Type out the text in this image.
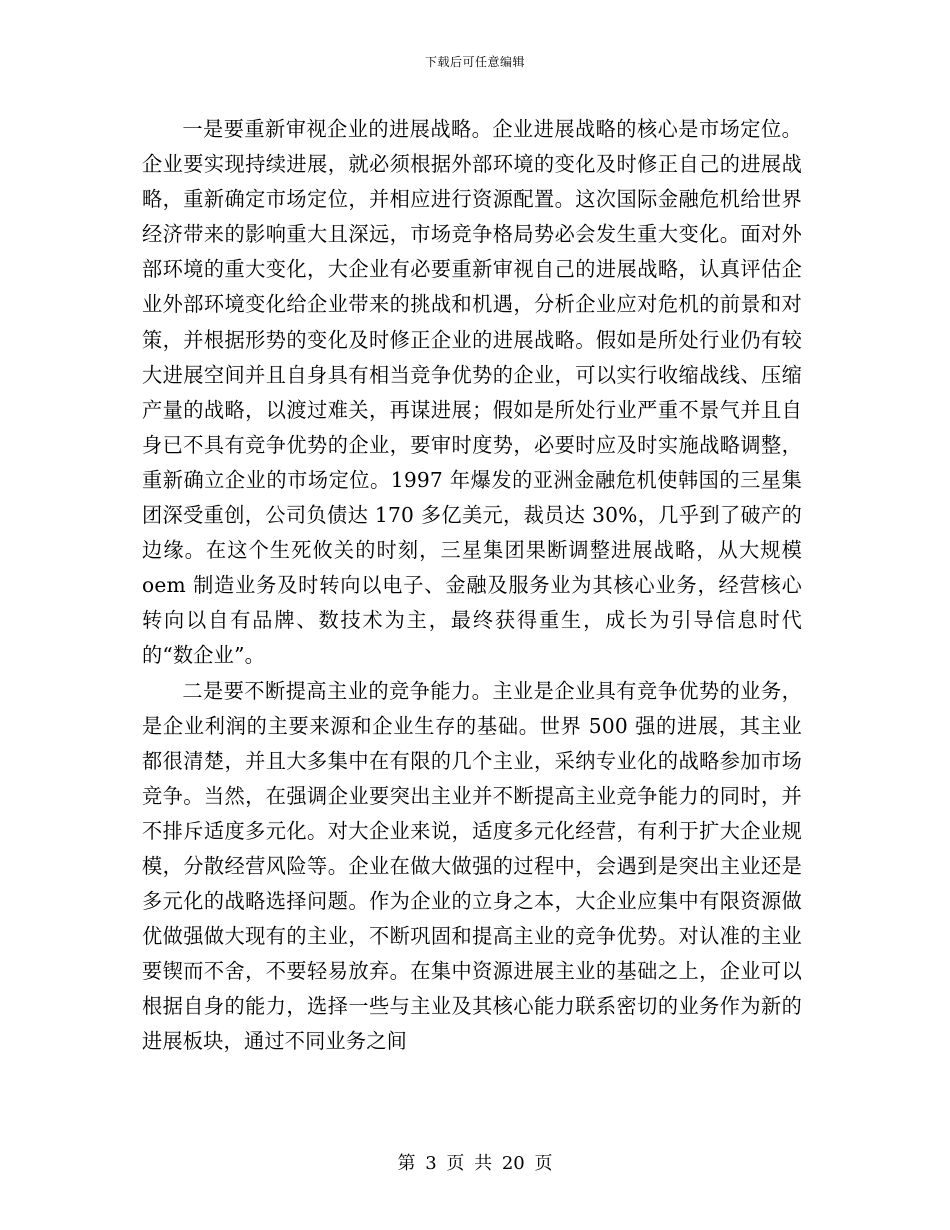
下载后可任意编辑

一是要重新审视企业的进展战略。企业进展战略的核心是市场定位。企业要实现持续进展，就必须根据外部环境的变化及时修正自己的进展战略，重新确定市场定位，并相应进行资源配置。这次国际金融危机给世界经济带来的影响重大且深远，市场竞争格局势必会发生重大变化。面对外部环境的重大变化，大企业有必要重新审视自己的进展战略，认真评估企业外部环境变化给企业带来的挑战和机遇，分析企业应对危机的前景和对策，并根据形势的变化及时修正企业的进展战略。假如是所处行业仍有较大进展空间并且自身具有相当竞争优势的企业，可以实行收缩战线、压缩产量的战略，以渡过难关，再谋进展；假如是所处行业严重不景气并且自身已不具有竞争优势的企业，要审时度势，必要时应及时实施战略调整，重新确立企业的市场定位。1997 年爆发的亚洲金融危机使韩国的三星集团深受重创，公司负债达 170 多亿美元，裁员达 30%，几乎到了破产的边缘。在这个生死攸关的时刻，三星集团果断调整进展战略，从大规模 oem 制造业务及时转向以电子、金融及服务业为其核心业务，经营核心转向以自有品牌、数技术为主，最终获得重生，成长为引导信息时代的“数企业”。

二是要不断提高主业的竞争能力。主业是企业具有竞争优势的业务，是企业利润的主要来源和企业生存的基础。世界 500 强的进展，其主业都很清楚，并且大多集中在有限的几个主业，采纳专业化的战略参加市场竞争。当然，在强调企业要突出主业并不断提高主业竞争能力的同时，并不排斥适度多元化。对大企业来说，适度多元化经营，有利于扩大企业规模，分散经营风险等。企业在做大做强的过程中，会遇到是突出主业还是多元化的战略选择问题。作为企业的立身之本，大企业应集中有限资源做优做强做大现有的主业，不断巩固和提高主业的竞争优势。对认准的主业要锲而不舍，不要轻易放弃。在集中资源进展主业的基础之上，企业可以根据自身的能力，选择一些与主业及其核心能力联系密切的业务作为新的进展板块，通过不同业务之间

第 3 页 共 20 页
